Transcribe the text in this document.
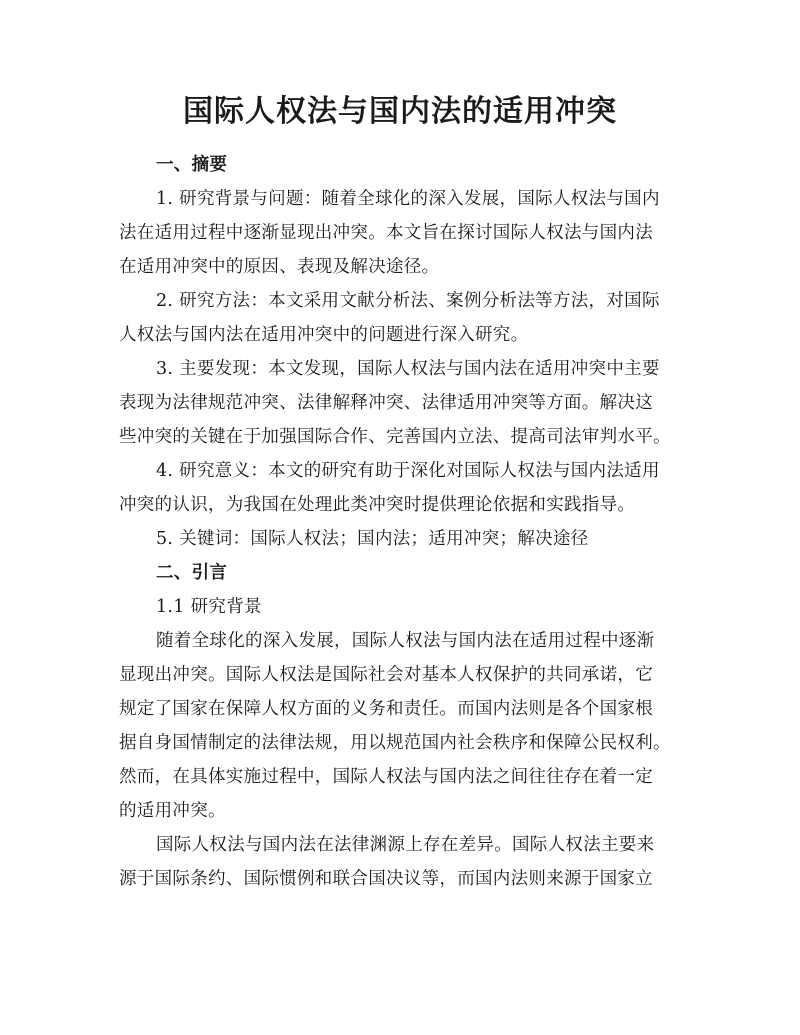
国际人权法与国内法的适用冲突
一、摘要
1. 研究背景与问题：随着全球化的深入发展，国际人权法与国内
法在适用过程中逐渐显现出冲突。本文旨在探讨国际人权法与国内法
在适用冲突中的原因、表现及解决途径。
2. 研究方法：本文采用文献分析法、案例分析法等方法，对国际
人权法与国内法在适用冲突中的问题进行深入研究。
3. 主要发现：本文发现，国际人权法与国内法在适用冲突中主要
表现为法律规范冲突、法律解释冲突、法律适用冲突等方面。解决这
些冲突的关键在于加强国际合作、完善国内立法、提高司法审判水平。
4. 研究意义：本文的研究有助于深化对国际人权法与国内法适用
冲突的认识，为我国在处理此类冲突时提供理论依据和实践指导。
5. 关键词：国际人权法；国内法；适用冲突；解决途径
二、引言
1.1 研究背景
随着全球化的深入发展，国际人权法与国内法在适用过程中逐渐
显现出冲突。国际人权法是国际社会对基本人权保护的共同承诺，它
规定了国家在保障人权方面的义务和责任。而国内法则是各个国家根
据自身国情制定的法律法规，用以规范国内社会秩序和保障公民权利。
然而，在具体实施过程中，国际人权法与国内法之间往往存在着一定
的适用冲突。
国际人权法与国内法在法律渊源上存在差异。国际人权法主要来
源于国际条约、国际惯例和联合国决议等，而国内法则来源于国家立
